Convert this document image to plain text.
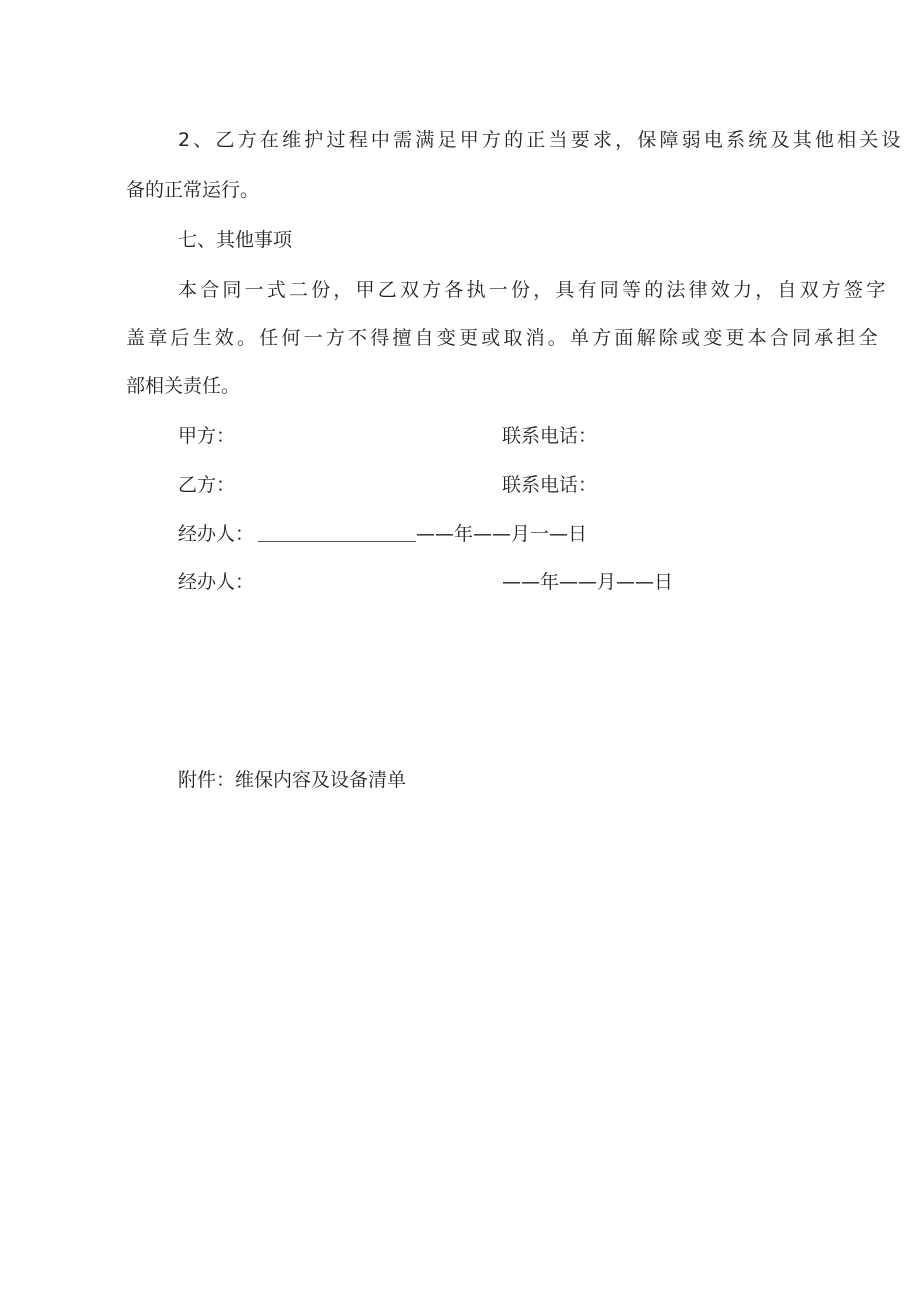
2、乙方在维护过程中需满足甲方的正当要求，保障弱电系统及其他相关设
备的正常运行。
七、其他事项
本合同一式二份，甲乙双方各执一份，具有同等的法律效力，自双方签字
盖章后生效。任何一方不得擅自变更或取消。单方面解除或变更本合同承担全
部相关责任。
甲方：	联系电话：
乙方：	联系电话：
经办人：	——年——月一—日
经办人：	——年——月——日
附件：维保内容及设备清单
